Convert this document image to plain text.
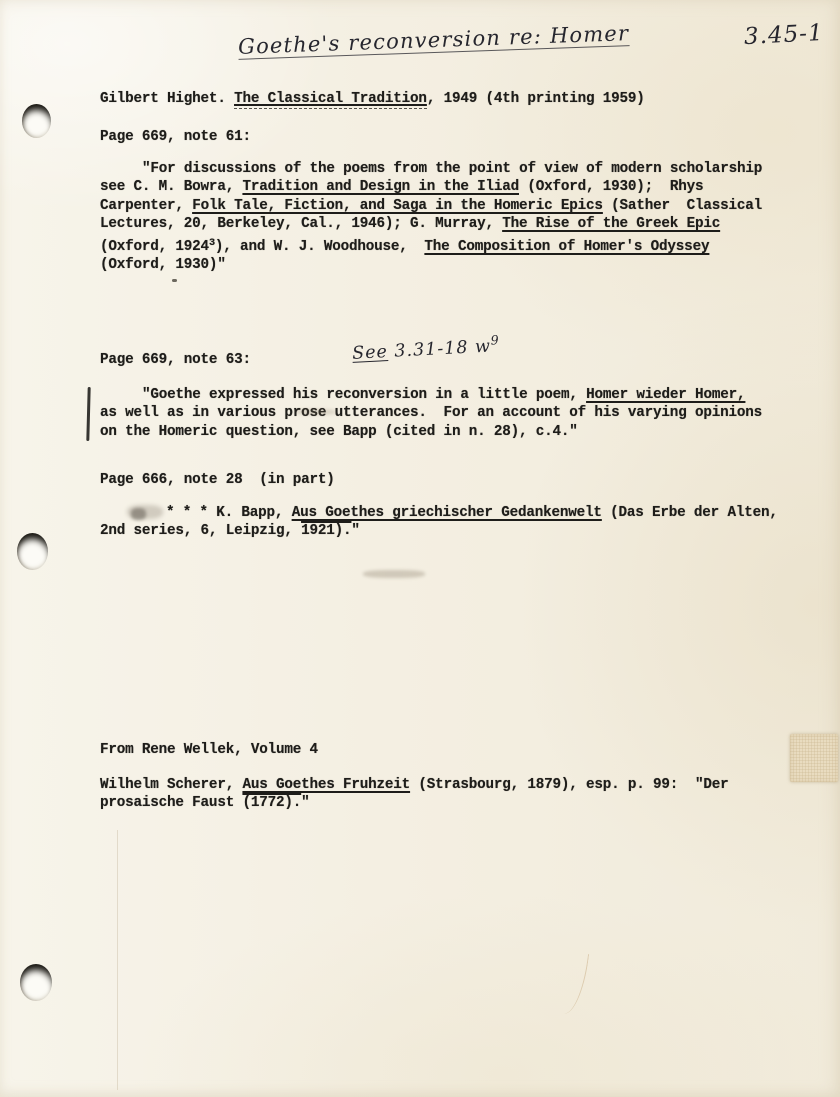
Goethe's reconversion re: Homer	3.45-1
Gilbert Highet. The Classical Tradition, 1949 (4th printing 1959)
Page 669, note 61:
"For discussions of the poems from the point of view of modern scholarship
see C. M. Bowra, Tradition and Design in the Iliad (Oxford, 1930);  Rhys
Carpenter, Folk Tale, Fiction, and Saga in the Homeric Epics (Sather  Classical
Lectures, 20, Berkeley, Cal., 1946); G. Murray, The Rise of the Greek Epic
(Oxford, 1924$^3$), and W. J. Woodhouse,  The Composition of Homer's Odyssey
(Oxford, 1930)"
Page 669, note 63:	See 3.31-18 $w^9$
"Goethe expressed his reconversion in a little poem, Homer wieder Homer,
as well as in various prose utterances.  For an account of his varying opinions
on the Homeric question, see Bapp (cited in n. 28), c.4."
Page 666, note 28  (in part)
* * * K. Bapp, Aus Goethes griechischer Gedankenwelt (Das Erbe der Alten,
2nd series, 6, Leipzig, 1921)."
From Rene Wellek, Volume 4
Wilhelm Scherer, Aus Goethes Fruhzeit (Strasbourg, 1879), esp. p. 99:  "Der
prosaische Faust (1772)."
